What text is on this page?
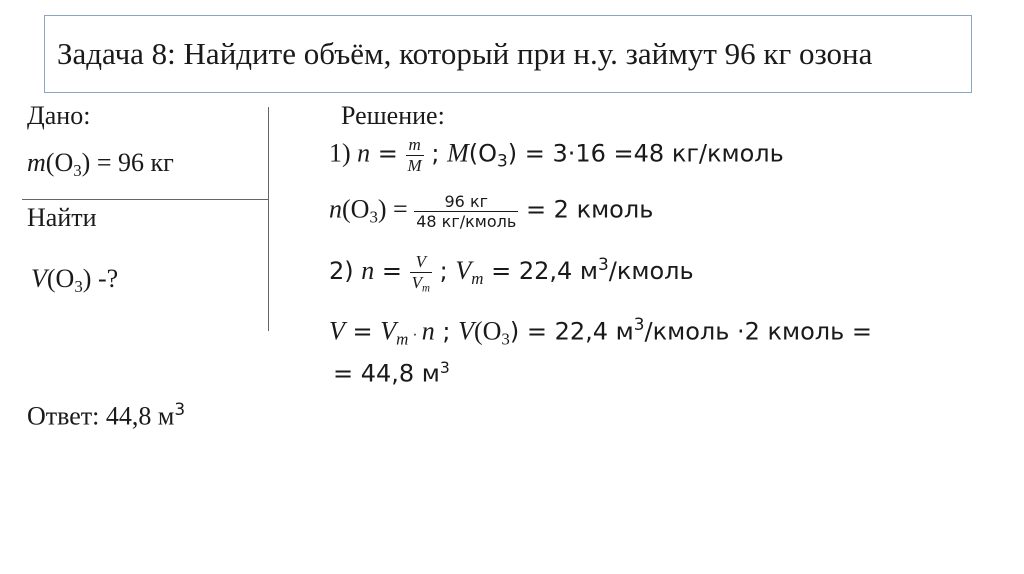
Задача 8: Найдите объём, который при н.у. займут 96 кг озона
Дано:
$m(O_3) = 96$ кг
Найти
$V(O_3)$ -?
Решение:
1) $n = \frac{m}{M}$ ; $M(O_3) = 3\cdot 16 =48$ кг/кмоль
$n(O_3) = \frac{96 кг}{\text{48 кг/кмоль}} = 2$ кмоль
2) $n = \frac{V}{V_m}$ ; $V_m = 22,4$ $м^3$/кмоль
$V = V_m \cdot n$ ; $V(O_3) = 22,4$ $м^3$/кмоль ·2 кмоль =
= 44,8 $м^3$
Ответ: 44,8 $м^3$
